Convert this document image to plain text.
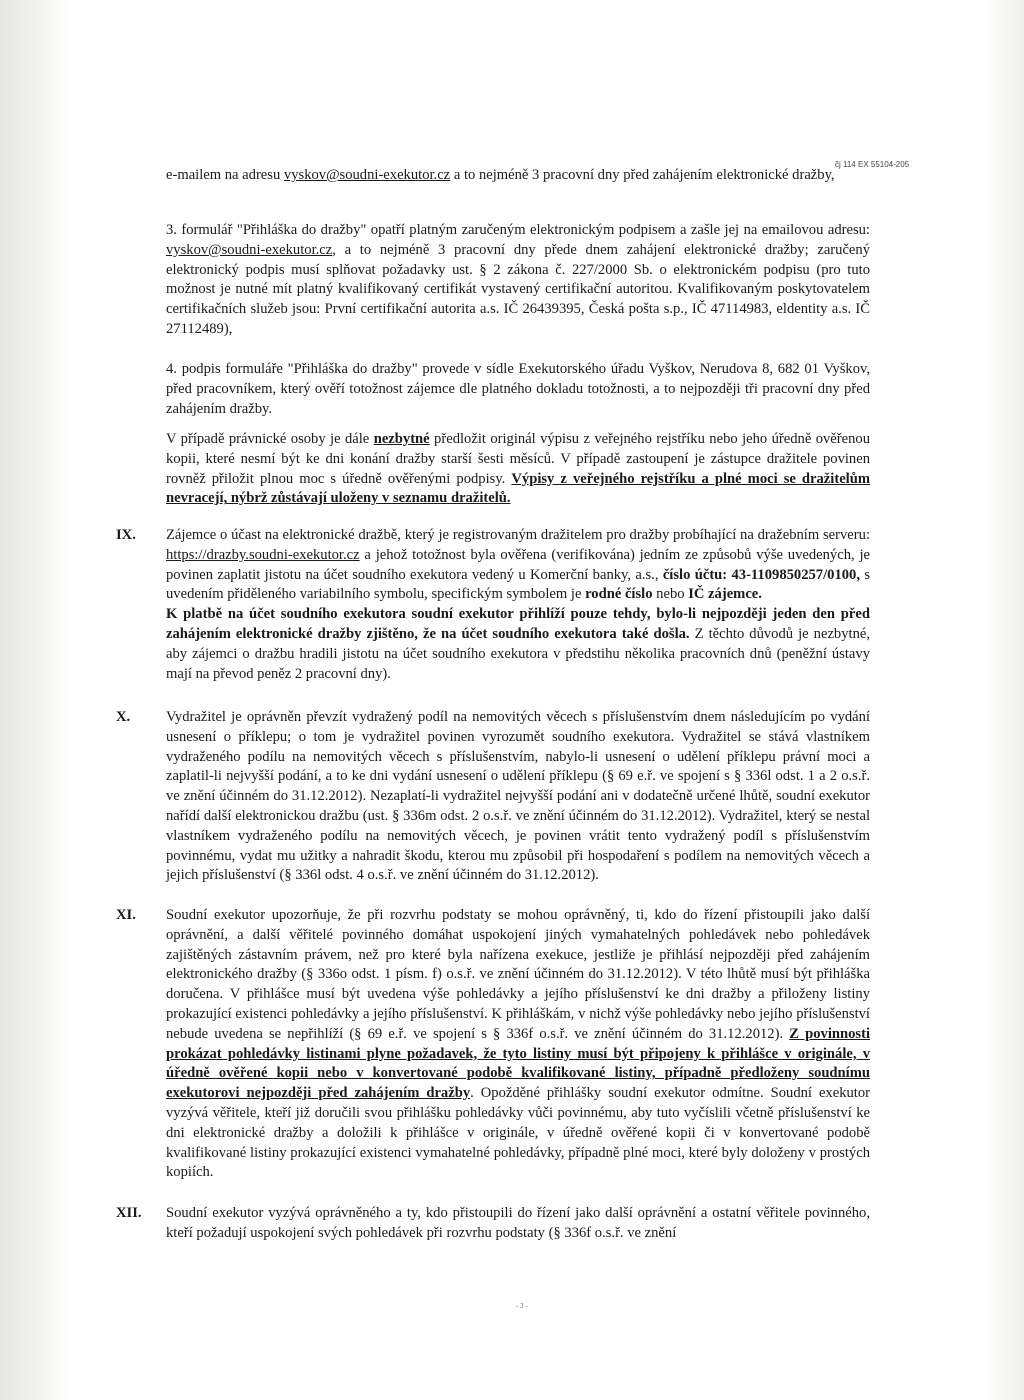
čj 114 EX 55104-205

e-mailem na adresu vyskov@soudni-exekutor.cz a to nejméně 3 pracovní dny před zahájením elektronické dražby,

3. formulář "Přihláška do dražby" opatří platným zaručeným elektronickým podpisem a zašle jej na emailovou adresu: vyskov@soudni-exekutor.cz, a to nejméně 3 pracovní dny přede dnem zahájení elektronické dražby; zaručený elektronický podpis musí splňovat požadavky ust. § 2 zákona č. 227/2000 Sb. o elektronickém podpisu (pro tuto možnost je nutné mít platný kvalifikovaný certifikát vystavený certifikační autoritou. Kvalifikovaným poskytovatelem certifikačních služeb jsou: První certifikační autorita a.s. IČ 26439395, Česká pošta s.p., IČ 47114983, eldentity a.s. IČ 27112489),

4. podpis formuláře "Přihláška do dražby" provede v sídle Exekutorského úřadu Vyškov, Nerudova 8, 682 01 Vyškov, před pracovníkem, který ověří totožnost zájemce dle platného dokladu totožnosti, a to nejpozději tři pracovní dny před zahájením dražby.

V případě právnické osoby je dále nezbytné předložit originál výpisu z veřejného rejstříku nebo jeho úředně ověřenou kopii, které nesmí být ke dni konání dražby starší šesti měsíců. V případě zastoupení je zástupce dražitele povinen rovněž přiložit plnou moc s úředně ověřenými podpisy. Výpisy z veřejného rejstříku a plné moci se dražitelům nevracejí, nýbrž zůstávají uloženy v seznamu dražitelů.

IX. Zájemce o účast na elektronické dražbě, který je registrovaným dražitelem pro dražby probíhající na dražebním serveru: https://drazby.soudni-exekutor.cz a jehož totožnost byla ověřena (verifikována) jedním ze způsobů výše uvedených, je povinen zaplatit jistotu na účet soudního exekutora vedený u Komerční banky, a.s., číslo účtu: 43-1109850257/0100, s uvedením přiděleného variabilního symbolu, specifickým symbolem je rodné číslo nebo IČ zájemce.
K platbě na účet soudního exekutora soudní exekutor přihlíží pouze tehdy, bylo-li nejpozději jeden den před zahájením elektronické dražby zjištěno, že na účet soudního exekutora také došla. Z těchto důvodů je nezbytné, aby zájemci o dražbu hradili jistotu na účet soudního exekutora v předstihu několika pracovních dnů (peněžní ústavy mají na převod peněz 2 pracovní dny).

X. Vydražitel je oprávněn převzít vydražený podíl na nemovitých věcech s příslušenstvím dnem následujícím po vydání usnesení o příklepu; o tom je vydražitel povinen vyrozumět soudního exekutora. Vydražitel se stává vlastníkem vydraženého podílu na nemovitých věcech s příslušenstvím, nabylo-li usnesení o udělení příklepu právní moci a zaplatil-li nejvyšší podání, a to ke dni vydání usnesení o udělení příklepu (§ 69 e.ř. ve spojení s § 336l odst. 1 a 2 o.s.ř. ve znění účinném do 31.12.2012). Nezaplatí-li vydražitel nejvyšší podání ani v dodatečně určené lhůtě, soudní exekutor nařídí další elektronickou dražbu (ust. § 336m odst. 2 o.s.ř. ve znění účinném do 31.12.2012). Vydražitel, který se nestal vlastníkem vydraženého podílu na nemovitých věcech, je povinen vrátit tento vydražený podíl s příslušenstvím povinnému, vydat mu užitky a nahradit škodu, kterou mu způsobil při hospodaření s podílem na nemovitých věcech a jejich příslušenství (§ 336l odst. 4 o.s.ř. ve znění účinném do 31.12.2012).

XI. Soudní exekutor upozorňuje, že při rozvrhu podstaty se mohou oprávněný, ti, kdo do řízení přistoupili jako další oprávnění, a další věřitelé povinného domáhat uspokojení jiných vymahatelných pohledávek nebo pohledávek zajištěných zástavním právem, než pro které byla nařízena exekuce, jestliže je přihlásí nejpozději před zahájením elektronického dražby (§ 336o odst. 1 písm. f) o.s.ř. ve znění účinném do 31.12.2012). V této lhůtě musí být přihláška doručena. V přihlášce musí být uvedena výše pohledávky a jejího příslušenství ke dni dražby a přiloženy listiny prokazující existenci pohledávky a jejího příslušenství. K přihláškám, v nichž výše pohledávky nebo jejího příslušenství nebude uvedena se nepřihlíží (§ 69 e.ř. ve spojení s § 336f o.s.ř. ve znění účinném do 31.12.2012). Z povinnosti prokázat pohledávky listinami plyne požadavek, že tyto listiny musí být připojeny k přihlášce v originále, v úředně ověřené kopii nebo v konvertované podobě kvalifikované listiny, případně předloženy soudnímu exekutorovi nejpozději před zahájením dražby. Opožděné přihlášky soudní exekutor odmítne. Soudní exekutor vyzývá věřitele, kteří již doručili svou přihlášku pohledávky vůči povinnému, aby tuto vyčíslili včetně příslušenství ke dni elektronické dražby a doložili k přihlášce v originále, v úředně ověřené kopii či v konvertované podobě kvalifikované listiny prokazující existenci vymahatelné pohledávky, případně plné moci, které byly doloženy v prostých kopiích.

XII. Soudní exekutor vyzývá oprávněného a ty, kdo přistoupili do řízení jako další oprávnění a ostatní věřitele povinného, kteří požadují uspokojení svých pohledávek při rozvrhu podstaty (§ 336f o.s.ř. ve znění

- 3 -
